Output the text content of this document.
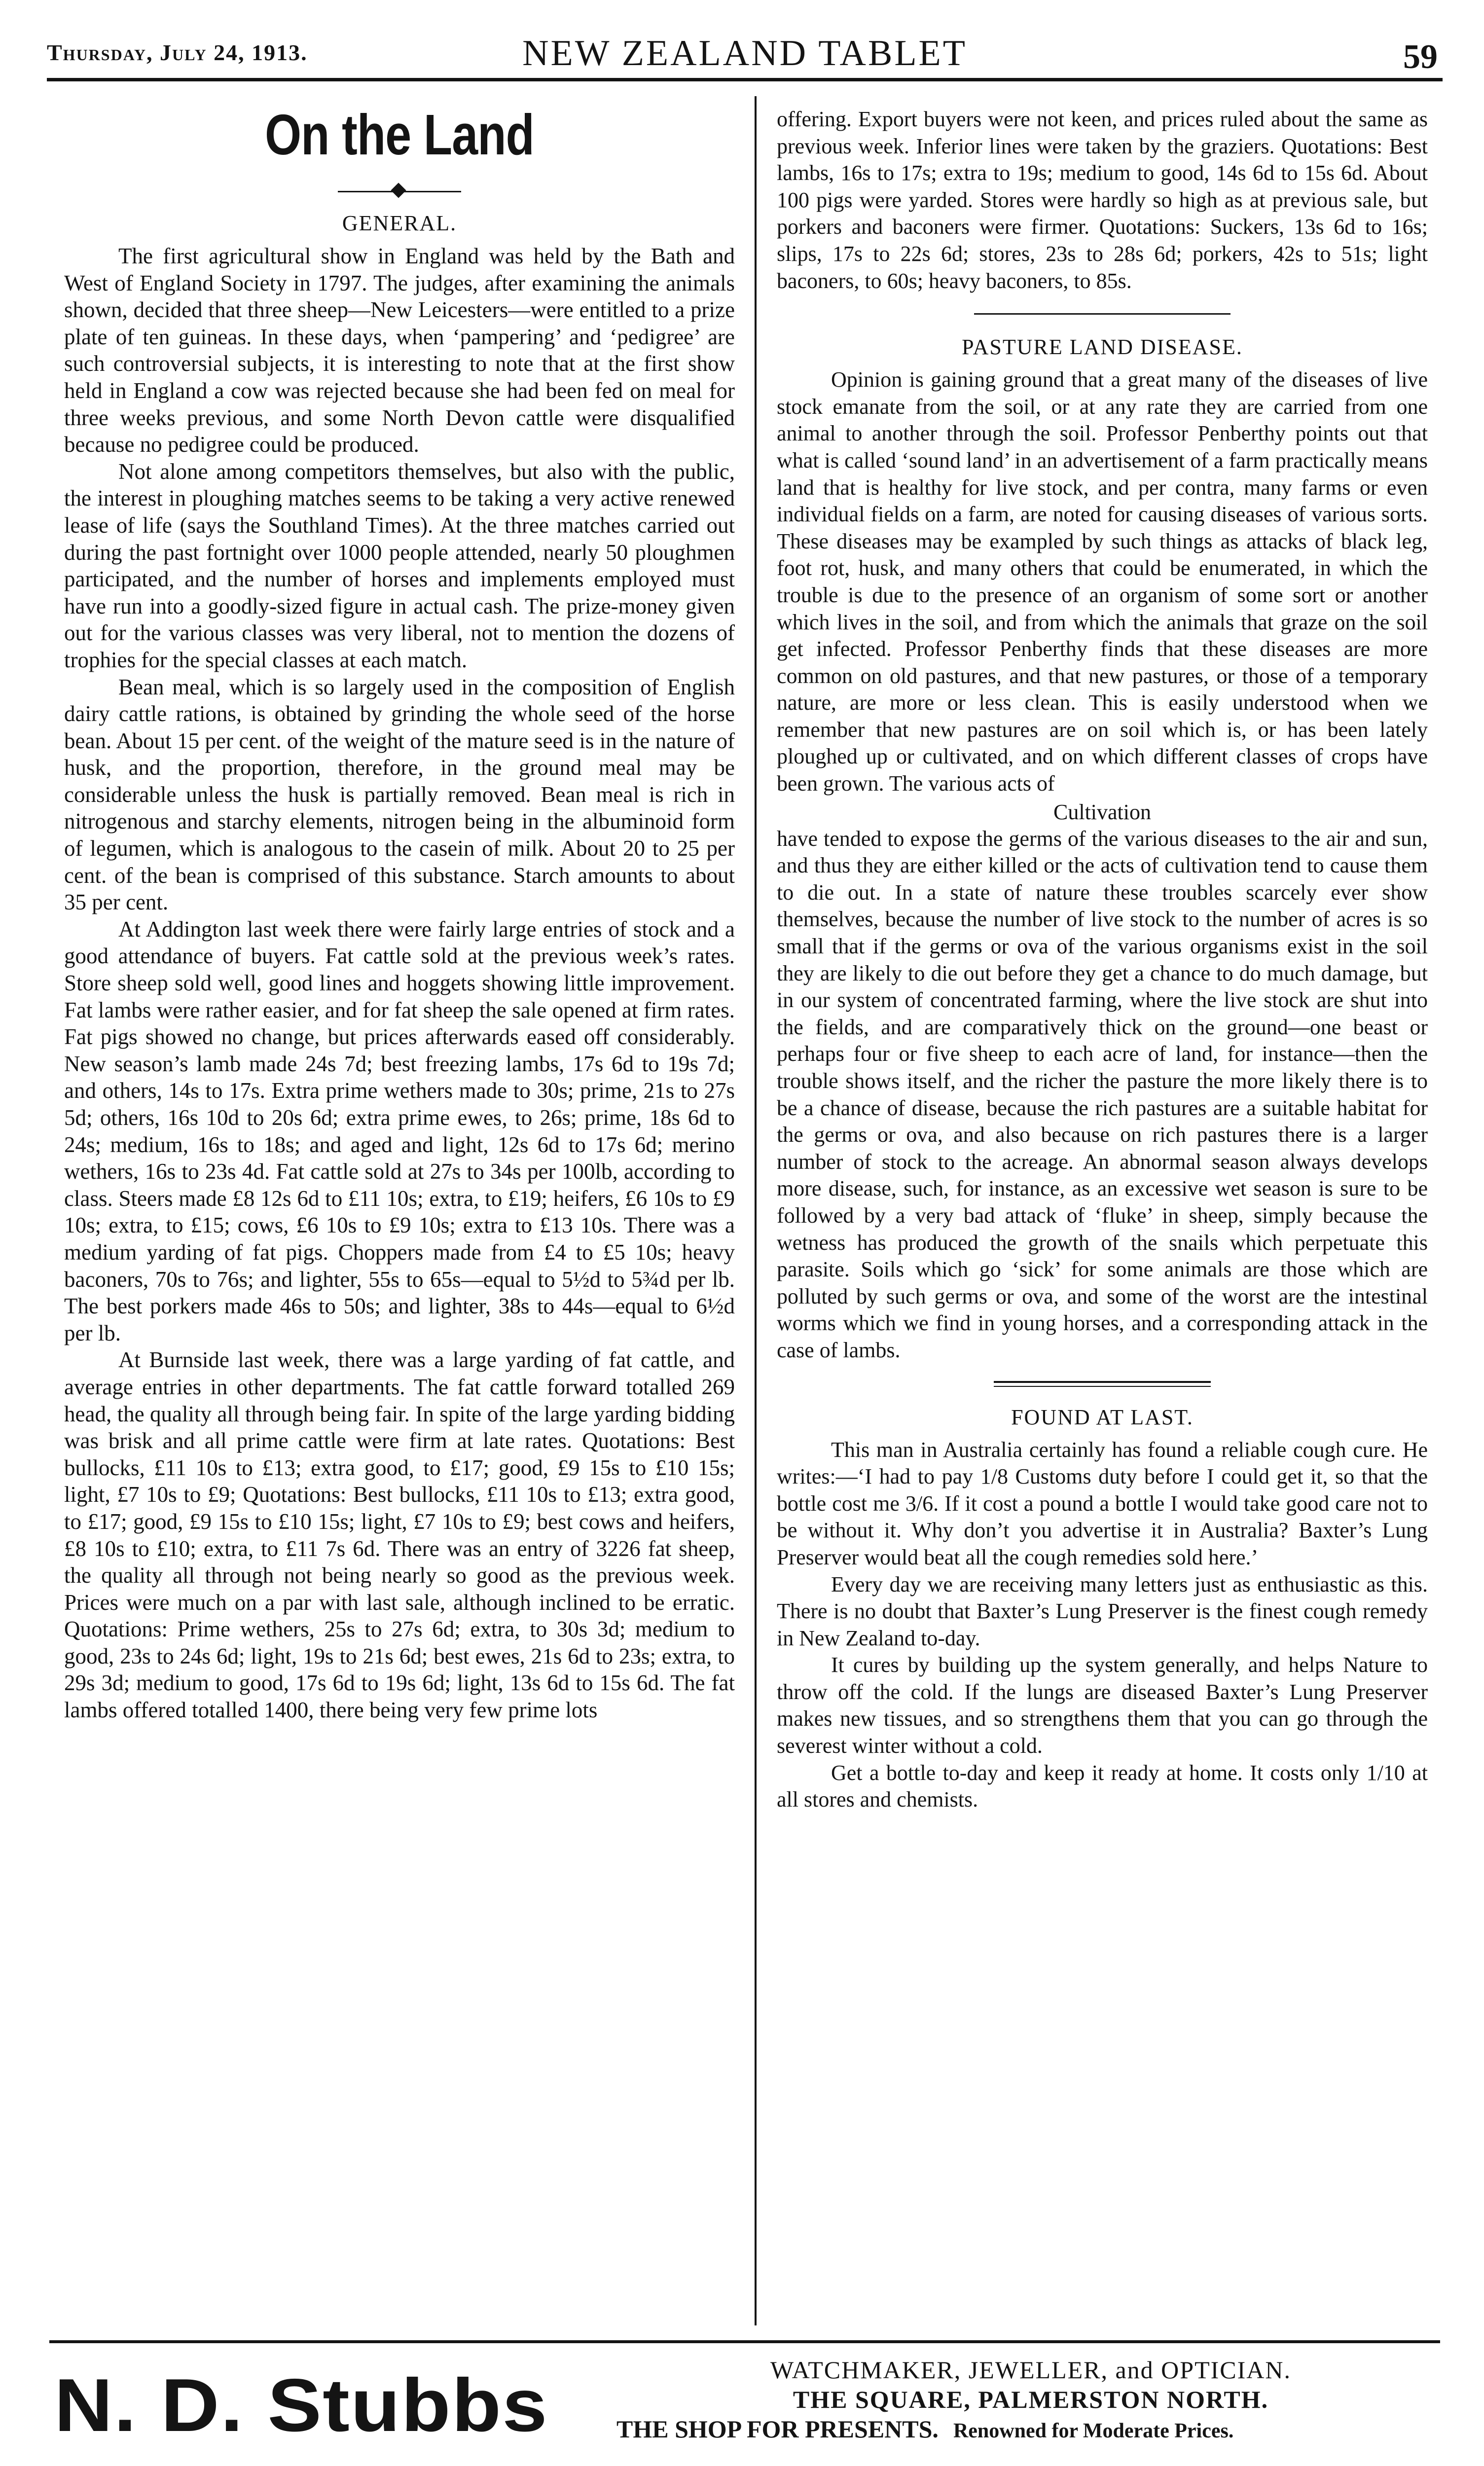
Thursday, July 24, 1913.	NEW ZEALAND TABLET	59
On the Land
GENERAL.

The first agricultural show in England was held by the Bath and West of England Society in 1797. The judges, after examining the animals shown, decided that three sheep—New Leicesters—were entitled to a prize plate of ten guineas. In these days, when ‘pampering’ and ‘pedigree’ are such controversial subjects, it is interesting to note that at the first show held in England a cow was rejected because she had been fed on meal for three weeks previous, and some North Devon cattle were disqualified because no pedigree could be produced.

Not alone among competitors themselves, but also with the public, the interest in ploughing matches seems to be taking a very active renewed lease of life (says the Southland Times). At the three matches carried out during the past fortnight over 1000 people attended, nearly 50 ploughmen participated, and the number of horses and implements employed must have run into a goodly-sized figure in actual cash. The prize-money given out for the various classes was very liberal, not to mention the dozens of trophies for the special classes at each match.

Bean meal, which is so largely used in the composition of English dairy cattle rations, is obtained by grinding the whole seed of the horse bean. About 15 per cent. of the weight of the mature seed is in the nature of husk, and the proportion, therefore, in the ground meal may be considerable unless the husk is partially removed. Bean meal is rich in nitrogenous and starchy elements, nitrogen being in the albuminoid form of legumen, which is analogous to the casein of milk. About 20 to 25 per cent. of the bean is comprised of this substance. Starch amounts to about 35 per cent.

At Addington last week there were fairly large entries of stock and a good attendance of buyers. Fat cattle sold at the previous week’s rates. Store sheep sold well, good lines and hoggets showing little improvement. Fat lambs were rather easier, and for fat sheep the sale opened at firm rates. Fat pigs showed no change, but prices afterwards eased off considerably. New season’s lamb made 24s 7d; best freezing lambs, 17s 6d to 19s 7d; and others, 14s to 17s. Extra prime wethers made to 30s; prime, 21s to 27s 5d; others, 16s 10d to 20s 6d; extra prime ewes, to 26s; prime, 18s 6d to 24s; medium, 16s to 18s; and aged and light, 12s 6d to 17s 6d; merino wethers, 16s to 23s 4d. Fat cattle sold at 27s to 34s per 100lb, according to class. Steers made £8 12s 6d to £11 10s; extra, to £19; heifers, £6 10s to £9 10s; extra, to £15; cows, £6 10s to £9 10s; extra to £13 10s. There was a medium yarding of fat pigs. Choppers made from £4 to £5 10s; heavy baconers, 70s to 76s; and lighter, 55s to 65s—equal to 5½d to 5¾d per lb. The best porkers made 46s to 50s; and lighter, 38s to 44s—equal to 6½d per lb.

At Burnside last week, there was a large yarding of fat cattle, and average entries in other departments. The fat cattle forward totalled 269 head, the quality all through being fair. In spite of the large yarding bidding was brisk and all prime cattle were firm at late rates. Quotations: Best bullocks, £11 10s to £13; extra good, to £17; good, £9 15s to £10 15s; light, £7 10s to £9; Quotations: Best bullocks, £11 10s to £13; extra good, to £17; good, £9 15s to £10 15s; light, £7 10s to £9; best cows and heifers, £8 10s to £10; extra, to £11 7s 6d. There was an entry of 3226 fat sheep, the quality all through not being nearly so good as the previous week. Prices were much on a par with last sale, although inclined to be erratic. Quotations: Prime wethers, 25s to 27s 6d; extra, to 30s 3d; medium to good, 23s to 24s 6d; light, 19s to 21s 6d; best ewes, 21s 6d to 23s; extra, to 29s 3d; medium to good, 17s 6d to 19s 6d; light, 13s 6d to 15s 6d. The fat lambs offered totalled 1400, there being very few prime lots

offering. Export buyers were not keen, and prices ruled about the same as previous week. Inferior lines were taken by the graziers. Quotations: Best lambs, 16s to 17s; extra to 19s; medium to good, 14s 6d to 15s 6d. About 100 pigs were yarded. Stores were hardly so high as at previous sale, but porkers and baconers were firmer. Quotations: Suckers, 13s 6d to 16s; slips, 17s to 22s 6d; stores, 23s to 28s 6d; porkers, 42s to 51s; light baconers, to 60s; heavy baconers, to 85s.

PASTURE LAND DISEASE.

Opinion is gaining ground that a great many of the diseases of live stock emanate from the soil, or at any rate they are carried from one animal to another through the soil. Professor Penberthy points out that what is called ‘sound land’ in an advertisement of a farm practically means land that is healthy for live stock, and per contra, many farms or even individual fields on a farm, are noted for causing diseases of various sorts. These diseases may be exampled by such things as attacks of black leg, foot rot, husk, and many others that could be enumerated, in which the trouble is due to the presence of an organism of some sort or another which lives in the soil, and from which the animals that graze on the soil get infected. Professor Penberthy finds that these diseases are more common on old pastures, and that new pastures, or those of a temporary nature, are more or less clean. This is easily understood when we remember that new pastures are on soil which is, or has been lately ploughed up or cultivated, and on which different classes of crops have been grown. The various acts of

Cultivation

have tended to expose the germs of the various diseases to the air and sun, and thus they are either killed or the acts of cultivation tend to cause them to die out. In a state of nature these troubles scarcely ever show themselves, because the number of live stock to the number of acres is so small that if the germs or ova of the various organisms exist in the soil they are likely to die out before they get a chance to do much damage, but in our system of concentrated farming, where the live stock are shut into the fields, and are comparatively thick on the ground—one beast or perhaps four or five sheep to each acre of land, for instance—then the trouble shows itself, and the richer the pasture the more likely there is to be a chance of disease, because the rich pastures are a suitable habitat for the germs or ova, and also because on rich pastures there is a larger number of stock to the acreage. An abnormal season always develops more disease, such, for instance, as an excessive wet season is sure to be followed by a very bad attack of ‘fluke’ in sheep, simply because the wetness has produced the growth of the snails which perpetuate this parasite. Soils which go ‘sick’ for some animals are those which are polluted by such germs or ova, and some of the worst are the intestinal worms which we find in young horses, and a corresponding attack in the case of lambs.

FOUND AT LAST.

This man in Australia certainly has found a reliable cough cure. He writes:—‘I had to pay 1/8 Customs duty before I could get it, so that the bottle cost me 3/6. If it cost a pound a bottle I would take good care not to be without it. Why don’t you advertise it in Australia? Baxter’s Lung Preserver would beat all the cough remedies sold here.’

Every day we are receiving many letters just as enthusiastic as this. There is no doubt that Baxter’s Lung Preserver is the finest cough remedy in New Zealand to-day.

It cures by building up the system generally, and helps Nature to throw off the cold. If the lungs are diseased Baxter’s Lung Preserver makes new tissues, and so strengthens them that you can go through the severest winter without a cold.

Get a bottle to-day and keep it ready at home. It costs only 1/10 at all stores and chemists.

N. D. Stubbs	WATCHMAKER, JEWELLER, and OPTICIAN.
THE SQUARE, PALMERSTON NORTH.
THE SHOP FOR PRESENTS. Renowned for Moderate Prices.
